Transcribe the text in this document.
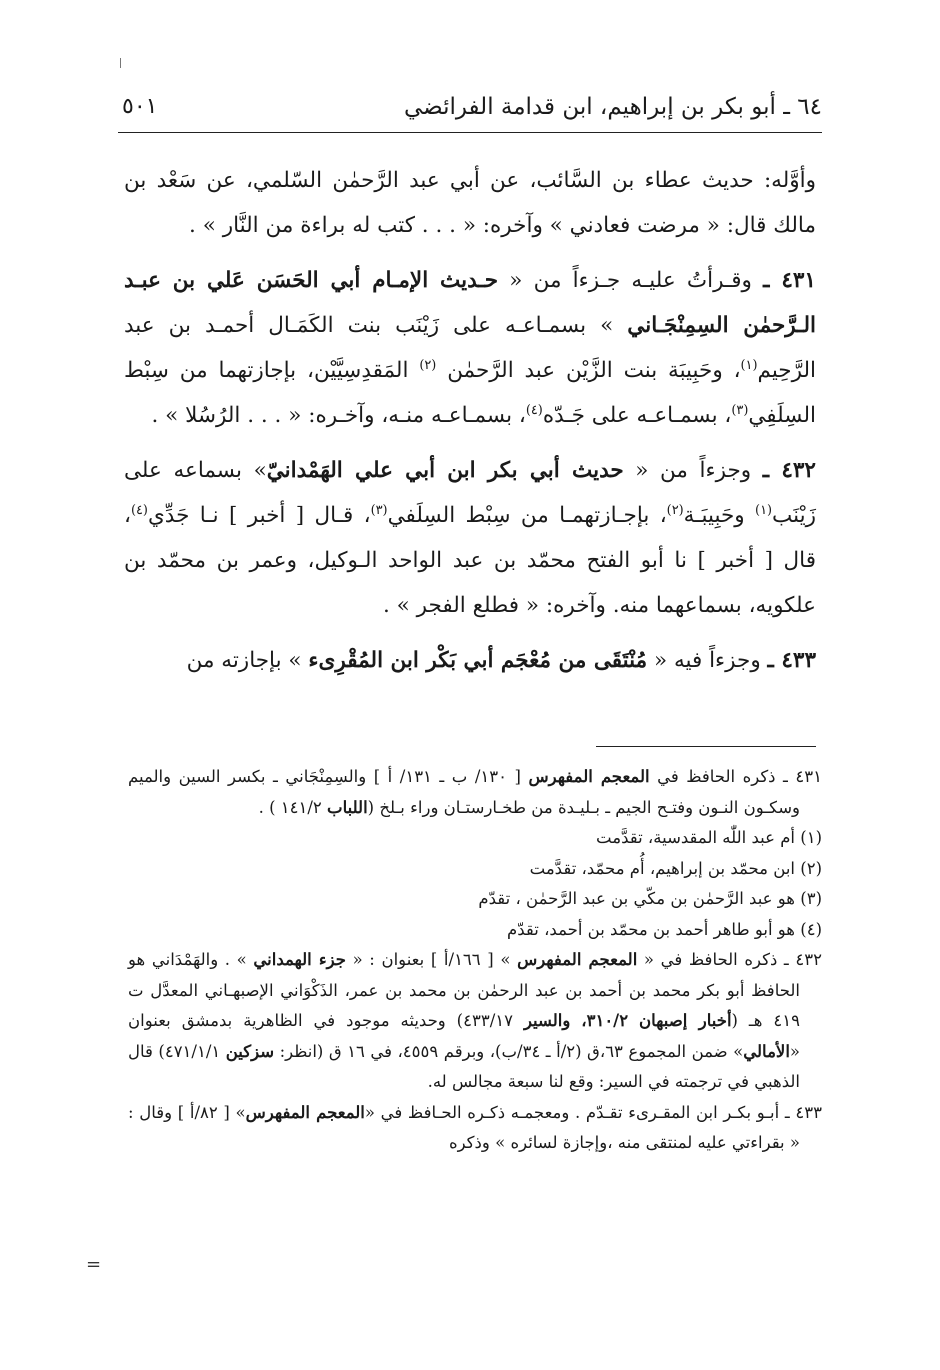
٦٤ ـ أبو بكر بن إبراهيم، ابن قدامة الفرائضي
٥٠١

وأوَّله: حديث عطاء بن السَّائب، عن أبي عبد الرَّحمٰن السّلمي، عن سَعْد بن مالك قال: « مرضت فعادني » وآخره: « . . . كتب له براءة من النَّار » .

٤٣١ ـ وقـرأتُ عليـه جـزءاً من « حـديث الإمـام أبي الحَسَن عَلي بن عبـد الـرَّحمٰن السِمِنْجَـاني » بسمـاعـه على زَيْنَب بنت الكَمَـال أحمـد بن عبد الرَّحِيم$^{(١)}$، وحَبِيبَة بنت الزَّيْن عبد الرَّحمٰن $^{(٢)}$ المَقدِسِيَّيْن، بإجازتهما من سِبْط السِلَفِي$^{(٣)}$، بسمـاعـه على جَـدّه$^{(٤)}$، بسمـاعـه منـه، وآخـره: « . . . الرُسُلا » .

٤٣٢ ـ وجزءاً من « حديث أبي بكر ابن أبي علي الهَمْدانيّ» بسماعه على زَيْنَب$^{(١)}$ وحَبِيبَـة$^{(٢)}$، بإجـازتهمـا من سِبْط السِلَفي$^{(٣)}$، قـال [ أخبر ] نـا جَدِّي$^{(٤)}$، قال [ أخبر ] نا أبو الفتح محمّد بن عبد الواحد الـوكيل، وعمر بن محمّد بن علكويه، بسماعهما منه. وآخره: « فطلع الفجر » .

٤٣٣ ـ وجزءاً فيه « مُنْتَقَى من مُعْجَم أبي بَكْر ابن المُقْرِىء » بإجازته من

٤٣١ ـ ذكره الحافظ في المعجم المفهرس [ ١٣٠/ ب ـ ١٣١/ أ ] والسِمِنْجَاني ـ بكسر السين والميم وسكـون النـون وفتـح الجيم ـ بـليـدة من طخـارستـان وراء بـلخ (اللباب ١٤١/٢ ) .

(١) أم عبد اللّٰه المقدسية، تقدَّمت

(٢) ابن محمّد بن إبراهيم، أُم محمّد، تقدَّمت

(٣) هو عبد الرَّحمٰن بن مكّي بن عبد الرَّحمٰن ، تقدّم

(٤) هو أبو طاهر أحمد بن محمّد بن أحمد، تقدّم

٤٣٢ ـ ذكره الحافظ في « المعجم المفهرس » [ ١٦٦/أ ] بعنوان : « جزء الهمداني » . والهَمْدَاني هو الحافظ أبو بكر محمد بن أحمد بن عبد الرحمٰن بن محمد بن عمر، الذَكْوَاني الإصبهـاني المعدَّل ت ٤١٩ هـ (أخبار إصبهان ٣١٠/٢، والسير ٤٣٣/١٧) وحديثه موجود في الظاهرية بدمشق بعنوان «الأمالي» ضمن المجموع ٦٣،ق (٢/أ ـ ٣٤/ب)، وبرقم ٤٥٥٩، في ١٦ ق (انظر: سزكين ٤٧١/١/١) قال الذهبي في ترجمته في السير: وقع لنا سبعة مجالس له.

٤٣٣ ـ أبـو بكـر ابن المقـرىء تقـدّم . ومعجمـه ذكـره الحـافظ في «المعجم المفهرس» [ ٨٢/أ ] وقال : « بقراءتي عليه لمنتقى منه ،وإجازة لسائره » وذكره

=
